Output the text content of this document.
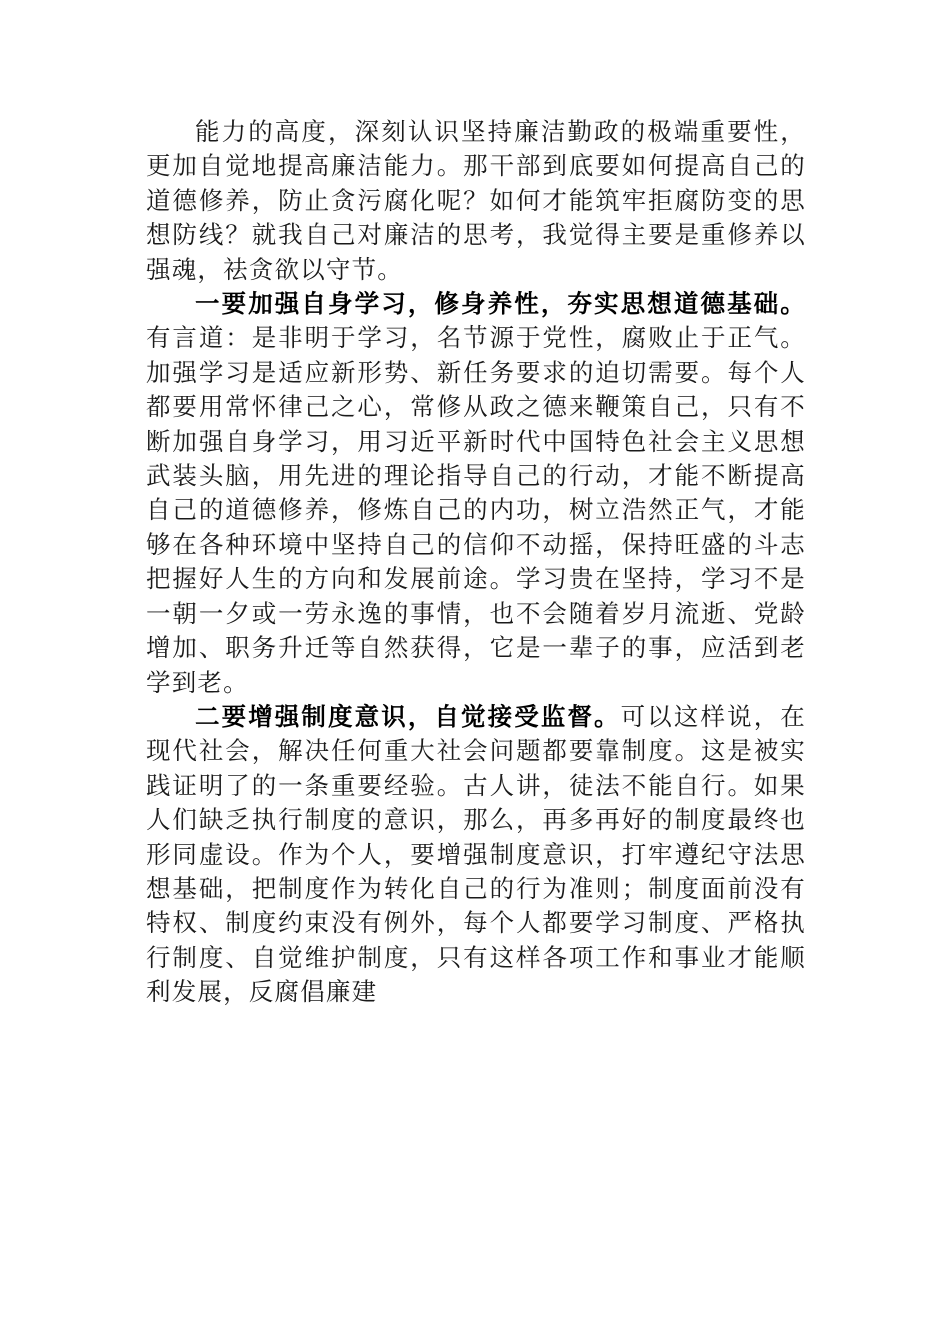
能力的高度，深刻认识坚持廉洁勤政的极端重要性，更加自觉地提高廉洁能力。那干部到底要如何提高自己的道德修养，防止贪污腐化呢？如何才能筑牢拒腐防变的思想防线？就我自己对廉洁的思考，我觉得主要是重修养以强魂，祛贪欲以守节。

一要加强自身学习，修身养性，夯实思想道德基础。有言道：是非明于学习，名节源于党性，腐败止于正气。加强学习是适应新形势、新任务要求的迫切需要。每个人都要用常怀律己之心，常修从政之德来鞭策自己，只有不断加强自身学习，用习近平新时代中国特色社会主义思想武装头脑，用先进的理论指导自己的行动，才能不断提高自己的道德修养，修炼自己的内功，树立浩然正气，才能够在各种环境中坚持自己的信仰不动摇，保持旺盛的斗志把握好人生的方向和发展前途。学习贵在坚持，学习不是一朝一夕或一劳永逸的事情，也不会随着岁月流逝、党龄增加、职务升迁等自然获得，它是一辈子的事，应活到老学到老。

二要增强制度意识，自觉接受监督。可以这样说，在现代社会，解决任何重大社会问题都要靠制度。这是被实践证明了的一条重要经验。古人讲，徒法不能自行。如果人们缺乏执行制度的意识，那么，再多再好的制度最终也形同虚设。作为个人，要增强制度意识，打牢遵纪守法思想基础，把制度作为转化自己的行为准则；制度面前没有特权、制度约束没有例外，每个人都要学习制度、严格执行制度、自觉维护制度，只有这样各项工作和事业才能顺利发展，反腐倡廉建
